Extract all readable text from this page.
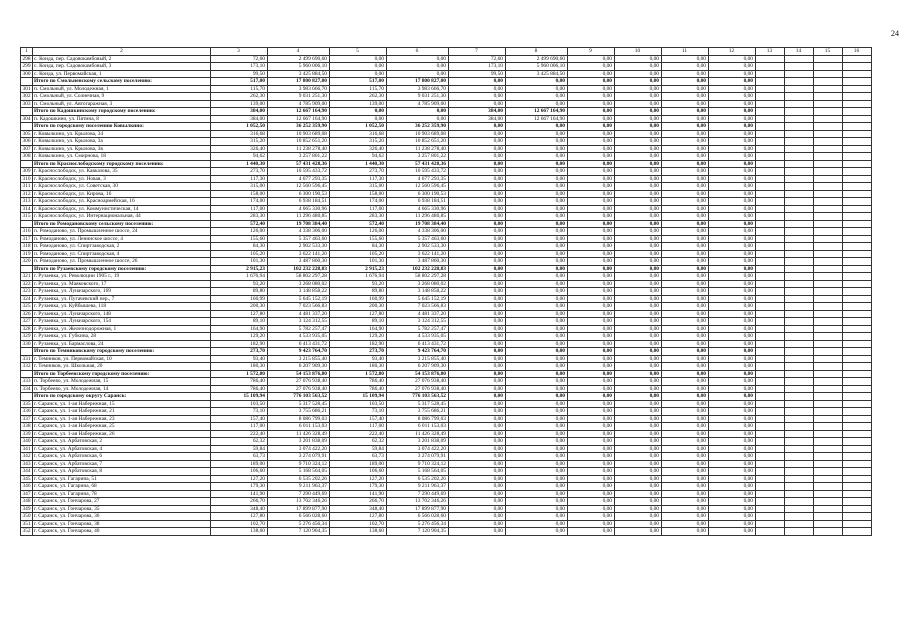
24
1	2	3	4	5	6	7	8	9	10	11	12	13	14	15	16
298	с. Конда, пер. Садовокамбовый, 2	72,60	2 499 690,60	0,00	0,00	72,60	2 499 690,60	0,00	0,00	0,00	0,00				
299	с. Конда, пер. Садовокамбовый, 3	173,10	5 960 006,10	0,00	0,00	173,10	5 960 006,10	0,00	0,00	0,00	0,00				
300	с. Конда, ул. Первомайская, 1	99,50	3 425 884,50	0,00	0,00	99,50	3 425 884,50	0,00	0,00	0,00	0,00				
	Итого по Смольненскому сельскому поселению:	517,00	17 800 827,00	517,00	17 800 827,00	0,00	0,00	0,00	0,00	0,00	0,00				
301	п. Смольный, ул. Молодежная, 1	115,70	3 983 666,70	115,70	3 983 666,70	0,00	0,00	0,00	0,00	0,00	0,00				
302	п. Смольный, ул. Солнечная, 9	262,30	9 031 251,30	262,30	9 031 251,30	0,00	0,00	0,00	0,00	0,00	0,00				
303	п. Смольный, ул. Автогаражная, 3	139,00	4 785 909,00	139,00	4 785 909,00	0,00	0,00	0,00	0,00	0,00	0,00				
	Итого по Кадошкинскому городскому поселению:	384,00	12 667 164,90	0,00	0,00	384,00	12 667 164,90	0,00	0,00	0,00	0,00				
304	п. Кадошкино, ул. Пятина, 8	384,00	12 667 164,90	0,00	0,00	384,00	12 667 164,90	0,00	0,00	0,00	0,00				
	Итого по городскому поселению Ковылкино:	1 052,50	36 252 359,90	1 052,50	36 252 359,90	0,00	0,00	0,00	0,00	0,00	0,00				
305	г. Ковылкино, ул. Крылова, 34	316,68	10 903 689,08	316,68	10 903 689,08	0,00	0,00	0,00	0,00	0,00	0,00				
306	г. Ковылкино, ул. Крылова, 3а	315,20	10 852 651,20	315,20	10 852 651,20	0,00	0,00	0,00	0,00	0,00	0,00				
307	г. Ковылкино, ул. Крылова, 3в	326,40	11 238 278,40	326,40	11 238 278,40	0,00	0,00	0,00	0,00	0,00	0,00				
308	г. Ковылкино, ул. Смирнова, 18	94,62	3 257 801,22	94,62	3 257 801,22	0,00	0,00	0,00	0,00	0,00	0,00				
	Итого по Краснослободскому городскому поселению:	1 440,30	57 431 428,36	1 440,30	57 431 428,36	0,00	0,00	0,00	0,00	0,00	0,00				
309	г. Краснослободск, ул. Кавказова, 35	273,70	10 595 433,72	273,70	10 595 433,72	0,00	0,00	0,00	0,00	0,00	0,00				
310	г. Краснослободск, ул. Новая, 3	117,30	4 677 293,35	117,30	4 677 293,35	0,00	0,00	0,00	0,00	0,00	0,00				
311	г. Краснослободск, ул. Советская, 30	315,00	12 560 596,45	315,00	12 560 596,45	0,00	0,00	0,00	0,00	0,00	0,00				
312	г. Краснослободск, ул. Кирова, 16	158,00	6 300 190,53	158,00	6 300 190,53	0,00	0,00	0,00	0,00	0,00	0,00				
313	г. Краснослободск, ул. Красноармейская, 16	174,00	6 938 184,51	174,00	6 938 184,51	0,00	0,00	0,00	0,00	0,00	0,00				
314	г. Краснослободск, ул. Коммунистическая, 14	117,00	4 665 330,96	117,00	4 665 330,96	0,00	0,00	0,00	0,00	0,00	0,00				
315	г. Краснослободск, ул. Интернациональная, 44	283,30	11 296 480,85	283,30	11 296 480,85	0,00	0,00	0,00	0,00	0,00	0,00				
	Итого по Ромодановскому сельскому поселению:	572,40	19 708 384,40	572,40	19 708 384,40	0,00	0,00	0,00	0,00	0,00	0,00				
316	п. Ромоданово, ул. Промышленное шоссе, 24	126,00	4 338 306,00	126,00	4 338 306,00	0,00	0,00	0,00	0,00	0,00	0,00				
317	п. Ромоданово, ул. Ленинское шоссе, 4	155,60	5 357 463,60	155,60	5 357 463,60	0,00	0,00	0,00	0,00	0,00	0,00				
318	п. Ромоданово, ул. Спиртзаводская, 2	84,30	2 902 533,30	84,30	2 902 533,30	0,00	0,00	0,00	0,00	0,00	0,00				
319	п. Ромоданово, ул. Спиртзаводская, 4	105,20	3 622 141,20	105,20	3 622 141,20	0,00	0,00	0,00	0,00	0,00	0,00				
320	п. Ромоданово, ул. Промышленное шоссе, 26	101,30	3 487 860,30	101,30	3 487 860,30	0,00	0,00	0,00	0,00	0,00	0,00				
	Итого по Рузаевскому городскому поселению:	2 915,23	102 232 228,83	2 915,23	102 232 228,83	0,00	0,00	0,00	0,00	0,00	0,00				
321	г. Рузаевка, ул. Революции 1905 г., 19	1 676,94	58 802 297,28	1 676,94	58 802 297,28	0,00	0,00	0,00	0,00	0,00	0,00				
322	г. Рузаевка, ул. Маяковского, 17	93,20	3 268 080,02	93,20	3 268 080,02	0,00	0,00	0,00	0,00	0,00	0,00				
323	г. Рузаевка, ул. Луначарского, 169	89,80	3 148 858,22	89,80	3 148 858,22	0,00	0,00	0,00	0,00	0,00	0,00				
324	г. Рузаевка, ул. Пугачевский пер., 7	160,99	5 645 152,19	160,99	5 645 152,19	0,00	0,00	0,00	0,00	0,00	0,00				
325	г. Рузаевка, ул. Куйбышева, 118	200,30	7 023 566,83	200,30	7 023 566,83	0,00	0,00	0,00	0,00	0,00	0,00				
326	г. Рузаевка, ул. Луначарского, 148	127,80	4 481 337,20	127,80	4 481 337,20	0,00	0,00	0,00	0,00	0,00	0,00				
327	г. Рузаевка, ул. Луначарского, 154	89,10	3 124 312,55	89,10	3 124 312,55	0,00	0,00	0,00	0,00	0,00	0,00				
328	г. Рузаевка, ул. Железнодорожная, 1	164,90	5 782 257,47	164,90	5 782 257,47	0,00	0,00	0,00	0,00	0,00	0,00				
329	г. Рузаевка, ул. Губкина, 28	129,20	4 533 935,05	129,20	4 533 935,05	0,00	0,00	0,00	0,00	0,00	0,00				
330	г. Рузаевка, ул. Бармаслова, 24	182,90	6 413 431,72	182,90	6 413 431,72	0,00	0,00	0,00	0,00	0,00	0,00				
	Итого по Темниковскому городскому поселению:	273,70	9 423 764,70	273,70	9 423 764,70	0,00	0,00	0,00	0,00	0,00	0,00				
331	г. Темников, ул. Первомайская, 10	93,40	3 215 855,40	93,40	3 215 855,40	0,00	0,00	0,00	0,00	0,00	0,00				
332	г. Темников, ул. Школьная, 20	180,30	6 207 909,30	180,30	6 207 909,30	0,00	0,00	0,00	0,00	0,00	0,00				
	Итого по Торбеевскому городскому поселению:	1 572,80	54 153 876,80	1 572,80	54 153 876,80	0,00	0,00	0,00	0,00	0,00	0,00				
333	п. Торбеево, ул. Молодежная, 15	786,40	27 076 938,40	786,40	27 076 938,40	0,00	0,00	0,00	0,00	0,00	0,00				
334	п. Торбеево, ул. Молодежная, 14	786,40	27 076 938,40	786,40	27 076 938,40	0,00	0,00	0,00	0,00	0,00	0,00				
	Итого по городскому округу Саранск:	15 109,94	776 103 563,52	15 109,94	776 103 563,52	0,00	0,00	0,00	0,00	0,00	0,00				
335	г. Саранск, ул. 1-ая Набережная, 15	103,50	5 317 528,45	103,50	5 317 528,45	0,00	0,00	0,00	0,00	0,00	0,00				
336	г. Саранск, ул. 1-ая Набережная, 21	73,10	3 755 686,21	73,10	3 755 686,21	0,00	0,00	0,00	0,00	0,00	0,00				
337	г. Саранск, ул. 1-ая Набережная, 23	157,40	8 086 799,03	157,40	8 086 799,03	0,00	0,00	0,00	0,00	0,00	0,00				
338	г. Саранск, ул. 1-ая Набережная, 25	117,00	6 011 153,03	117,00	6 011 153,03	0,00	0,00	0,00	0,00	0,00	0,00				
339	г. Саранск, ул. 1-ая Набережная, 26	222,40	11 426 328,49	222,40	11 426 328,49	0,00	0,00	0,00	0,00	0,00	0,00				
340	г. Саранск, ул. Арбатовская, 2	62,32	3 201 838,09	62,32	3 201 838,09	0,00	0,00	0,00	0,00	0,00	0,00				
341	г. Саранск, ул. Арбатовская, 4	59,84	3 074 422,20	59,84	3 074 422,20	0,00	0,00	0,00	0,00	0,00	0,00				
342	г. Саранск, ул. Арбатовская, 6	63,73	3 274 079,91	63,73	3 274 079,91	0,00	0,00	0,00	0,00	0,00	0,00				
343	г. Саранск, ул. Арбатовская, 7	189,00	9 710 324,12	189,00	9 710 324,12	0,00	0,00	0,00	0,00	0,00	0,00				
344	г. Саранск, ул. Арбатовская, 8	106,60	5 168 564,05	106,60	5 168 564,05	0,00	0,00	0,00	0,00	0,00	0,00				
345	г. Саранск, ул. Гагарина, 51	127,20	6 535 202,26	127,20	6 535 202,26	0,00	0,00	0,00	0,00	0,00	0,00				
346	г. Саранск, ул. Гагарина, 68	179,30	9 211 963,37	179,30	9 211 963,37	0,00	0,00	0,00	0,00	0,00	0,00				
347	г. Саранск, ул. Гагарина, 78	141,90	7 290 449,69	141,90	7 290 449,69	0,00	0,00	0,00	0,00	0,00	0,00				
348	г. Саранск, ул. Гончарова, 27	266,70	13 702 346,26	266,70	13 702 346,26	0,00	0,00	0,00	0,00	0,00	0,00				
349	г. Саранск, ул. Гончарова, 35	348,40	17 899 877,90	348,40	17 899 877,90	0,00	0,00	0,00	0,00	0,00	0,00				
350	г. Саранск, ул. Гончарова, 36	127,80	6 566 028,60	127,80	6 566 028,60	0,00	0,00	0,00	0,00	0,00	0,00				
351	г. Саранск, ул. Гончарова, 38	102,70	5 276 456,34	102,70	5 276 456,34	0,00	0,00	0,00	0,00	0,00	0,00				
352	г. Саранск, ул. Гончарова, 40	138,60	7 120 904,35	138,60	7 120 904,35	0,00	0,00	0,00	0,00	0,00	0,00				
